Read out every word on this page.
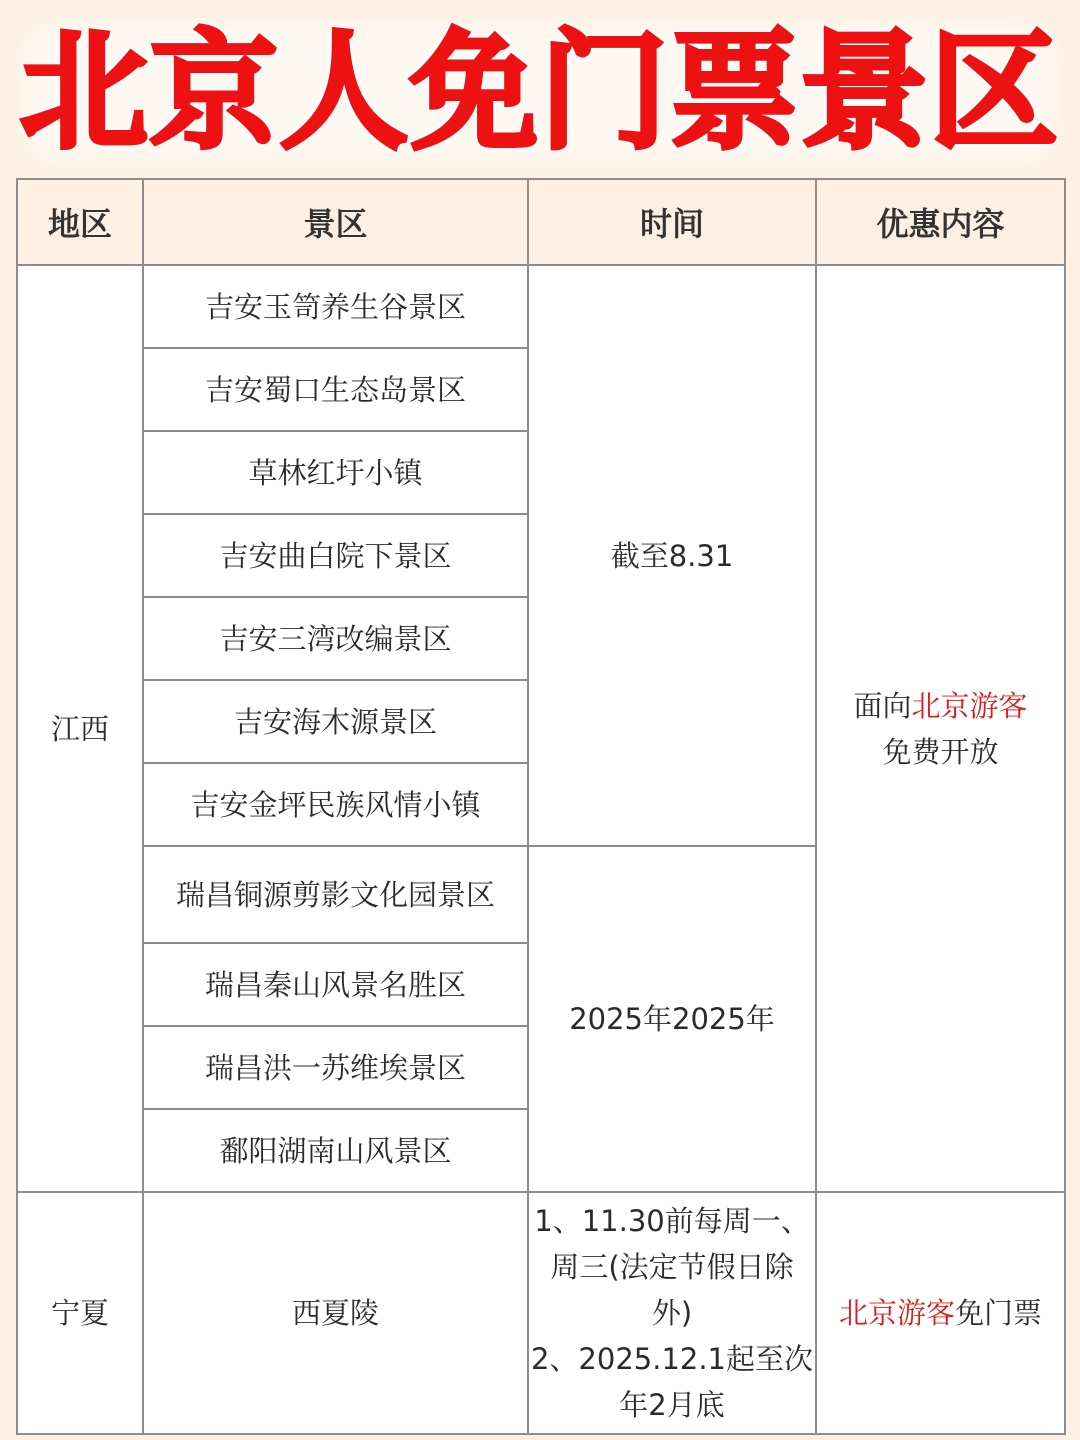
北京人免门票景区
地区	景区	时间	优惠内容
江西	吉安玉笥养生谷景区	截至8.31	面向北京游客
免费开放
	吉安蜀口生态岛景区		
	草林红圩小镇		
	吉安曲白院下景区		
	吉安三湾改编景区		
	吉安海木源景区		
	吉安金坪民族风情小镇		
	瑞昌铜源剪影文化园景区	2025年2025年	
	瑞昌秦山风景名胜区		
	瑞昌洪一苏维埃景区		
	鄱阳湖南山风景区		
宁夏	西夏陵	1、11.30前每周一、
周三(法定节假日除
外)
2、2025.12.1起至次
年2月底	北京游客免门票
